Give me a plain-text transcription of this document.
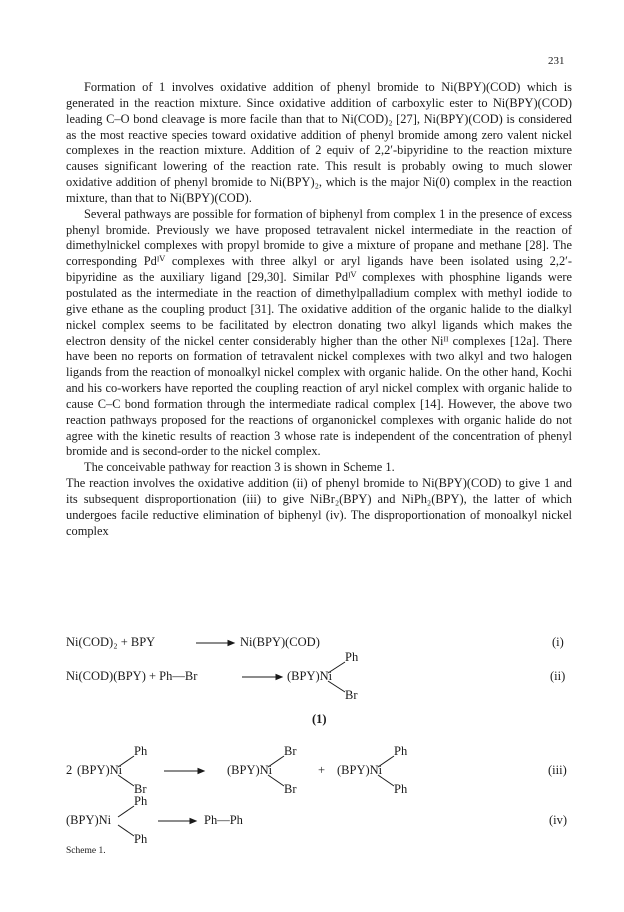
231

Formation of 1 involves oxidative addition of phenyl bromide to Ni(BPY)(COD) which is generated in the reaction mixture. Since oxidative addition of carboxylic ester to Ni(BPY)(COD) leading C–O bond cleavage is more facile than that to Ni(COD)₂ [27], Ni(BPY)(COD) is considered as the most reactive species toward oxidative addition of phenyl bromide among zero valent nickel complexes in the reaction mixture. Addition of 2 equiv of 2,2′-bipyridine to the reaction mixture causes significant lowering of the reaction rate. This result is probably owing to much slower oxidative addition of phenyl bromide to Ni(BPY)₂, which is the major Ni(0) complex in the reaction mixture, than that to Ni(BPY)(COD).

Several pathways are possible for formation of biphenyl from complex 1 in the presence of excess phenyl bromide. Previously we have proposed tetravalent nickel intermediate in the reaction of dimethylnickel complexes with propyl bromide to give a mixture of propane and methane [28]. The corresponding Pdᴵⱽ complexes with three alkyl or aryl ligands have been isolated using 2,2′-bipyridine as the auxiliary ligand [29,30]. Similar Pdᴵⱽ complexes with phosphine ligands were postulated as the intermediate in the reaction of dimethylpalladium complex with methyl iodide to give ethane as the coupling product [31]. The oxidative addition of the organic halide to the dialkyl nickel complex seems to be facilitated by electron donating two alkyl ligands which makes the electron density of the nickel center considerably higher than the other Niᴵᴵ complexes [12a]. There have been no reports on formation of tetravalent nickel complexes with two alkyl and two halogen ligands from the reaction of monoalkyl nickel complex with organic halide. On the other hand, Kochi and his co-workers have reported the coupling reaction of aryl nickel complex with organic halide to cause C–C bond formation through the intermediate radical complex [14]. However, the above two reaction pathways proposed for the reactions of organonickel complexes with organic halide do not agree with the kinetic results of reaction 3 whose rate is independent of the concentration of phenyl bromide and is second-order to the nickel complex.

The conceivable pathway for reaction 3 is shown in Scheme 1.

The reaction involves the oxidative addition (ii) of phenyl bromide to Ni(BPY)(COD) to give 1 and its subsequent disproportionation (iii) to give NiBr₂(BPY) and NiPh₂(BPY), the latter of which undergoes facile reductive elimination of biphenyl (iv). The disproportionation of monoalkyl nickel complex

Ni(COD)₂ + BPY	Ni(BPY)(COD)	(i)
Ni(COD)(BPY) + Ph—Br	(BPY)Ni
Ph
Br
(ii)
(1)
2 (BPY)Ni
Ph
Br
(BPY)Ni
Br
Br
+ (BPY)Ni
Ph
Ph
(iii)
(BPY)Ni
Ph
Ph
Ph—Ph	(iv)
Scheme 1.
